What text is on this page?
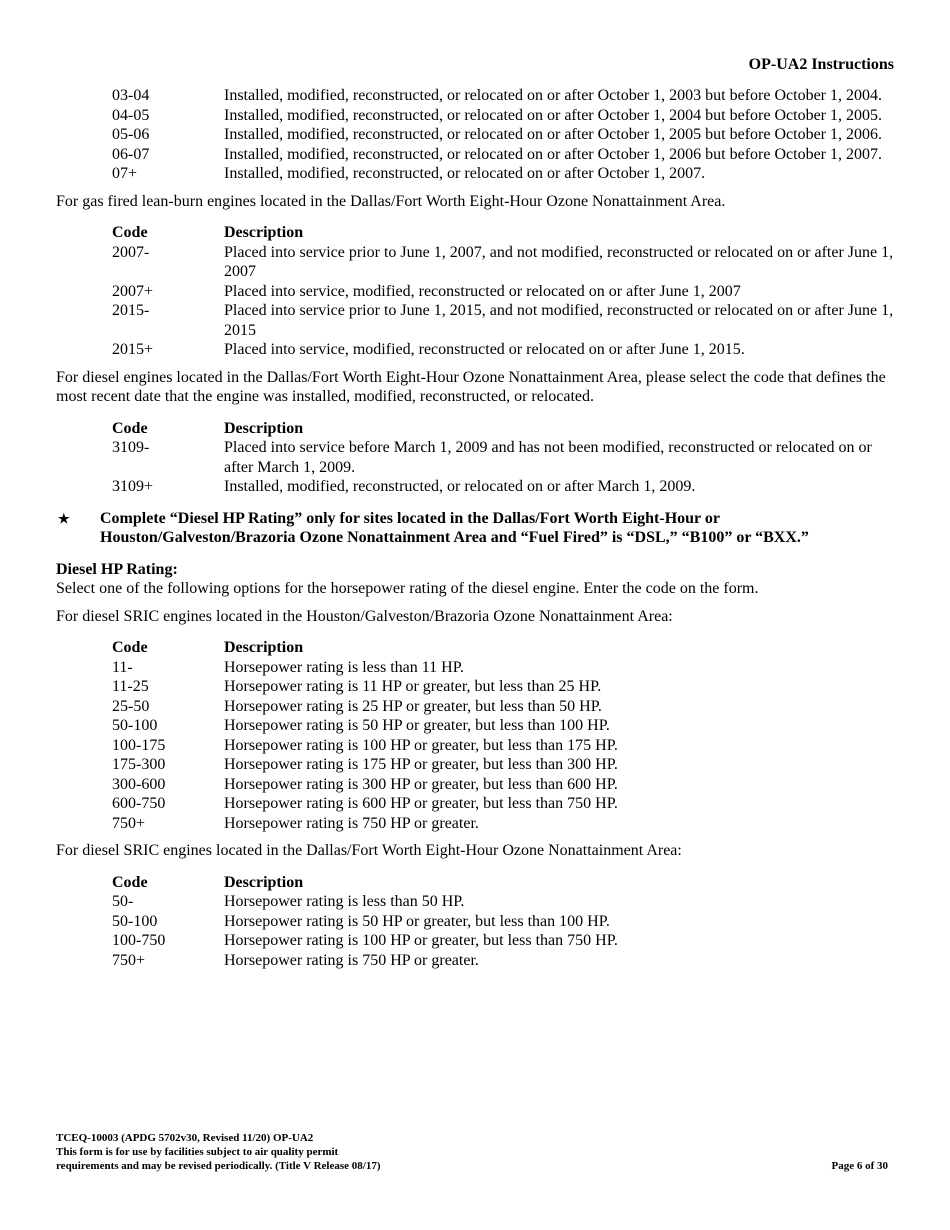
OP-UA2 Instructions
03-04	Installed, modified, reconstructed, or relocated on or after October 1, 2003 but before October 1, 2004.
04-05	Installed, modified, reconstructed, or relocated on or after October 1, 2004 but before October 1, 2005.
05-06	Installed, modified, reconstructed, or relocated on or after October 1, 2005 but before October 1, 2006.
06-07	Installed, modified, reconstructed, or relocated on or after October 1, 2006 but before October 1, 2007.
07+	Installed, modified, reconstructed, or relocated on or after October 1, 2007.

For gas fired lean-burn engines located in the Dallas/Fort Worth Eight-Hour Ozone Nonattainment Area.

Code	Description
2007-	Placed into service prior to June 1, 2007, and not modified, reconstructed or relocated on or after June 1, 2007
2007+	Placed into service, modified, reconstructed or relocated on or after June 1, 2007
2015-	Placed into service prior to June 1, 2015, and not modified, reconstructed or relocated on or after June 1, 2015
2015+	Placed into service, modified, reconstructed or relocated on or after June 1, 2015.

For diesel engines located in the Dallas/Fort Worth Eight-Hour Ozone Nonattainment Area, please select the code that defines the most recent date that the engine was installed, modified, reconstructed, or relocated.

Code	Description
3109-	Placed into service before March 1, 2009 and has not been modified, reconstructed or relocated on or after March 1, 2009.
3109+	Installed, modified, reconstructed, or relocated on or after March 1, 2009.
★	Complete “Diesel HP Rating” only for sites located in the Dallas/Fort Worth Eight-Hour or Houston/Galveston/Brazoria Ozone Nonattainment Area and “Fuel Fired” is “DSL,” “B100” or “BXX.”
Diesel HP Rating:

Select one of the following options for the horsepower rating of the diesel engine. Enter the code on the form.

For diesel SRIC engines located in the Houston/Galveston/Brazoria Ozone Nonattainment Area:

Code	Description
11-	Horsepower rating is less than 11 HP.
11-25	Horsepower rating is 11 HP or greater, but less than 25 HP.
25-50	Horsepower rating is 25 HP or greater, but less than 50 HP.
50-100	Horsepower rating is 50 HP or greater, but less than 100 HP.
100-175	Horsepower rating is 100 HP or greater, but less than 175 HP.
175-300	Horsepower rating is 175 HP or greater, but less than 300 HP.
300-600	Horsepower rating is 300 HP or greater, but less than 600 HP.
600-750	Horsepower rating is 600 HP or greater, but less than 750 HP.
750+	Horsepower rating is 750 HP or greater.

For diesel SRIC engines located in the Dallas/Fort Worth Eight-Hour Ozone Nonattainment Area:

Code	Description
50-	Horsepower rating is less than 50 HP.
50-100	Horsepower rating is 50 HP or greater, but less than 100 HP.
100-750	Horsepower rating is 100 HP or greater, but less than 750 HP.
750+	Horsepower rating is 750 HP or greater.
TCEQ-10003 (APDG 5702v30, Revised 11/20) OP-UA2
This form is for use by facilities subject to air quality permit
requirements and may be revised periodically. (Title V Release 08/17)	Page 6 of 30
